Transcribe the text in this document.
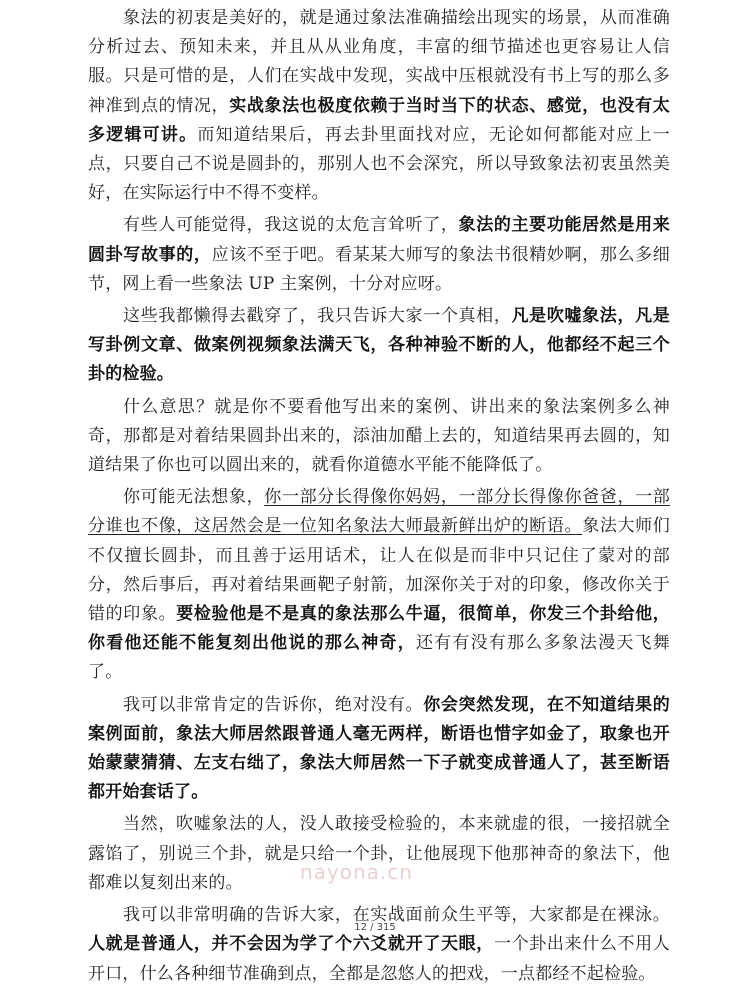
象法的初衷是美好的，就是通过象法准确描绘出现实的场景，从而准确分析过去、预知未来，并且从从业角度，丰富的细节描述也更容易让人信服。只是可惜的是，人们在实战中发现，实战中压根就没有书上写的那么多神准到点的情况，实战象法也极度依赖于当时当下的状态、感觉，也没有太多逻辑可讲。而知道结果后，再去卦里面找对应，无论如何都能对应上一点，只要自己不说是圆卦的，那别人也不会深究，所以导致象法初衷虽然美好，在实际运行中不得不变样。

有些人可能觉得，我这说的太危言耸听了，象法的主要功能居然是用来圆卦写故事的，应该不至于吧。看某某大师写的象法书很精妙啊，那么多细节，网上看一些象法 UP 主案例，十分对应呀。

这些我都懒得去戳穿了，我只告诉大家一个真相，凡是吹嘘象法，凡是写卦例文章、做案例视频象法满天飞，各种神验不断的人，他都经不起三个卦的检验。

什么意思？就是你不要看他写出来的案例、讲出来的象法案例多么神奇，那都是对着结果圆卦出来的，添油加醋上去的，知道结果再去圆的，知道结果了你也可以圆出来的，就看你道德水平能不能降低了。

你可能无法想象，你一部分长得像你妈妈，一部分长得像你爸爸，一部分谁也不像，这居然会是一位知名象法大师最新鲜出炉的断语。象法大师们不仅擅长圆卦，而且善于运用话术，让人在似是而非中只记住了蒙对的部分，然后事后，再对着结果画靶子射箭，加深你关于对的印象，修改你关于错的印象。要检验他是不是真的象法那么牛逼，很简单，你发三个卦给他，你看他还能不能复刻出他说的那么神奇，还有有没有那么多象法漫天飞舞了。

我可以非常肯定的告诉你，绝对没有。你会突然发现，在不知道结果的案例面前，象法大师居然跟普通人毫无两样，断语也惜字如金了，取象也开始蒙蒙猜猜、左支右绌了，象法大师居然一下子就变成普通人了，甚至断语都开始套话了。

当然，吹嘘象法的人，没人敢接受检验的，本来就虚的很，一接招就全露馅了，别说三个卦，就是只给一个卦，让他展现下他那神奇的象法下，他都难以复刻出来的。

我可以非常明确的告诉大家，在实战面前众生平等，大家都是在裸泳。人就是普通人，并不会因为学了个六爻就开了天眼，一个卦出来什么不用人开口，什么各种细节准确到点，全都是忽悠人的把戏，一点都经不起检验。

nayona.cn
12 / 315
